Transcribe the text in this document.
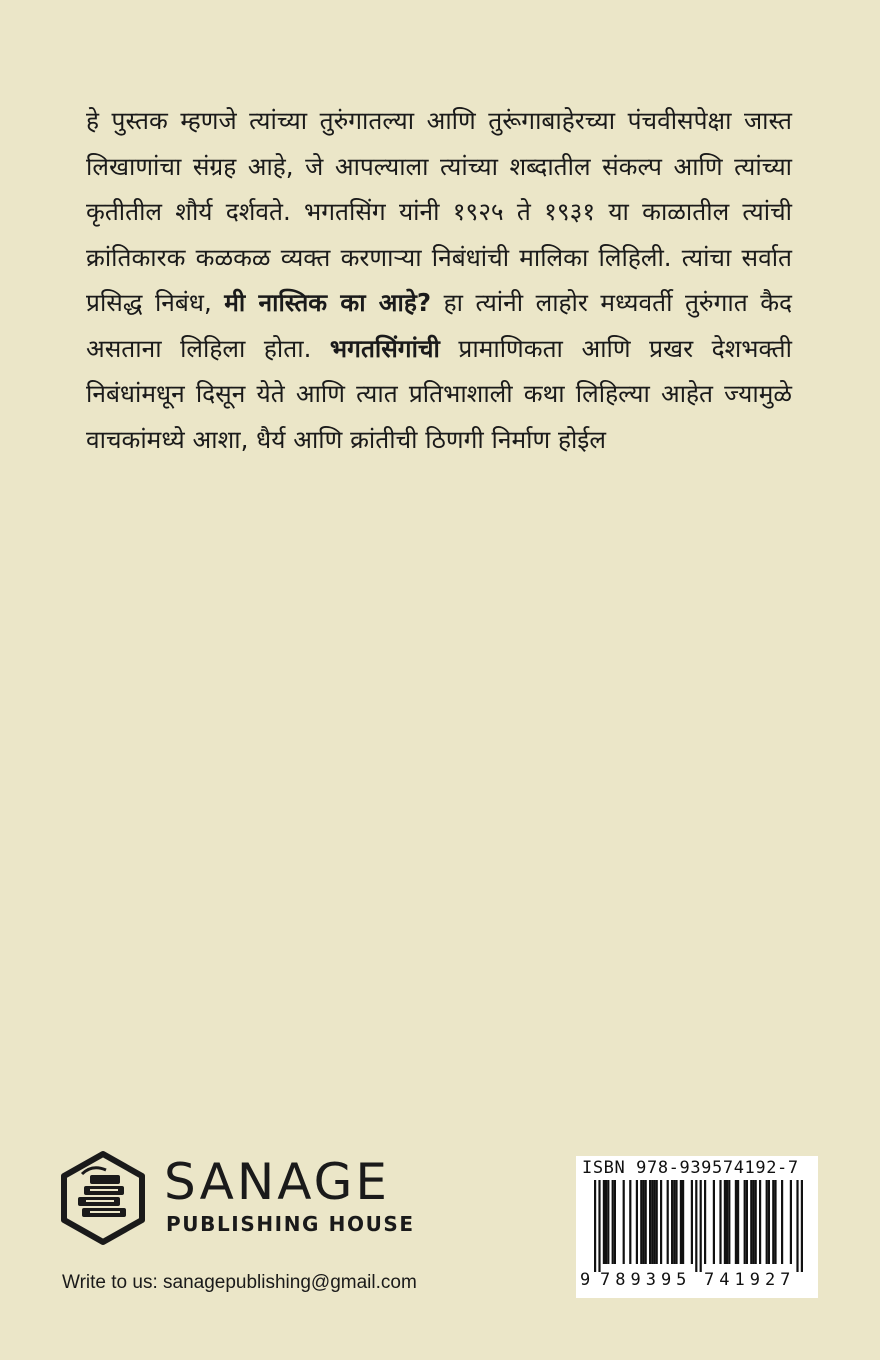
हे पुस्तक म्हणजे त्यांच्या तुरुंगातल्या आणि तुरूंगाबाहेरच्या पंचवीसपेक्षा जास्त लिखाणांचा संग्रह आहे, जे आपल्याला त्यांच्या शब्दातील संकल्प आणि त्यांच्या कृतीतील शौर्य दर्शवते. भगतसिंग यांनी १९२५ ते १९३१ या काळातील त्यांची क्रांतिकारक कळकळ व्यक्त करणाऱ्या निबंधांची मालिका लिहिली. त्यांचा सर्वात प्रसिद्ध निबंध, मी नास्तिक का आहे? हा त्यांनी लाहोर मध्यवर्ती तुरुंगात कैद असताना लिहिला होता. भगतसिंगांची प्रामाणिकता आणि प्रखर देशभक्ती निबंधांमधून दिसून येते आणि त्यात प्रतिभाशाली कथा लिहिल्या आहेत ज्यामुळे वाचकांमध्ये आशा, धैर्य आणि क्रांतीची ठिणगी निर्माण होईल

SANAGE
PUBLISHING HOUSE
Write to us: sanagepublishing@gmail.com
ISBN 978-939574192-7
9 789395 741927
